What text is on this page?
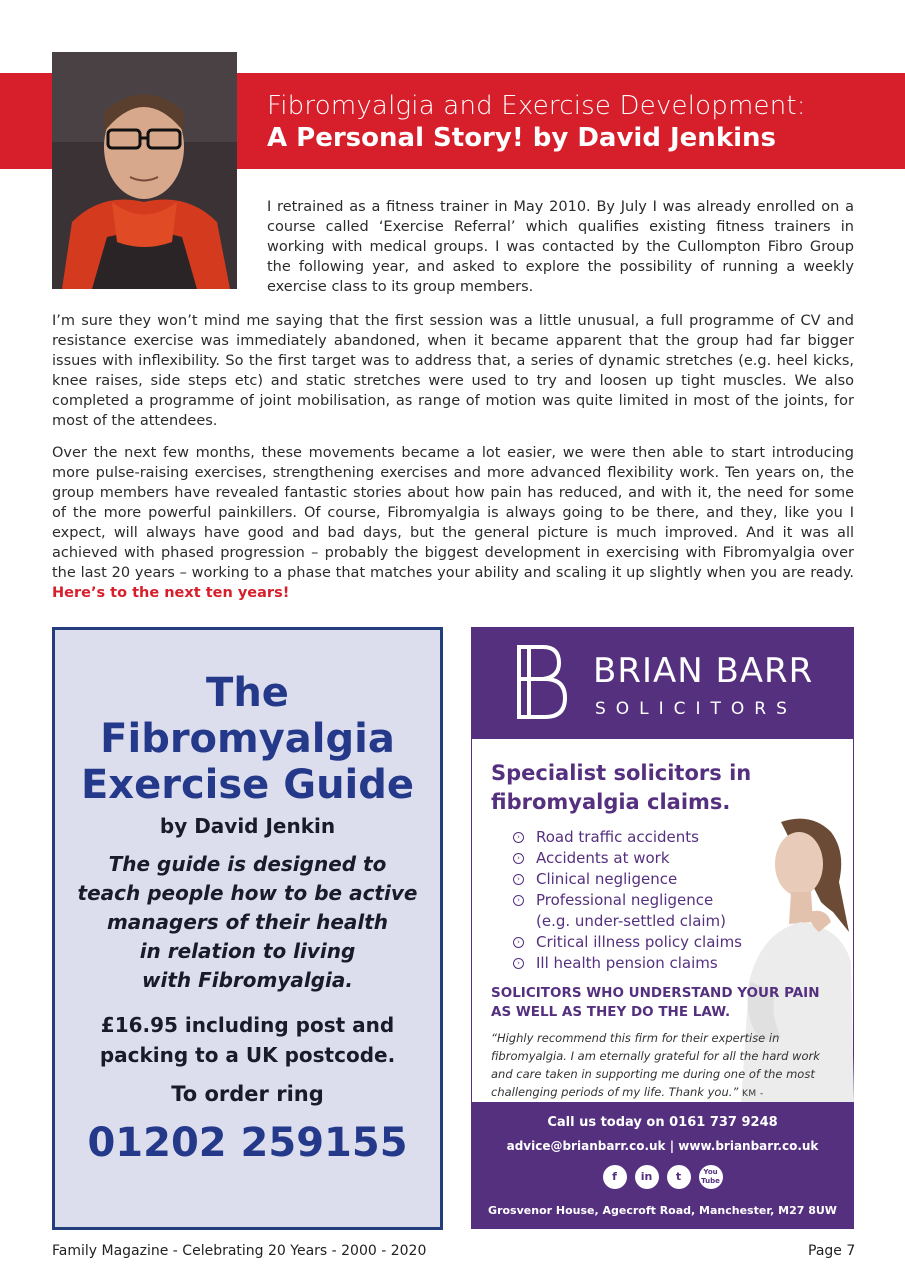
Fibromyalgia and Exercise Development:
A Personal Story! by David Jenkins
I retrained as a fitness trainer in May 2010. By July I was already enrolled on a course called ‘Exercise Referral’ which qualifies existing fitness trainers in working with medical groups. I was contacted by the Cullompton Fibro Group the following year, and asked to explore the possibility of running a weekly exercise class to its group members.
I’m sure they won’t mind me saying that the first session was a little unusual, a full programme of CV and resistance exercise was immediately abandoned, when it became apparent that the group had far bigger issues with inflexibility. So the first target was to address that, a series of dynamic stretches (e.g. heel kicks, knee raises, side steps etc) and static stretches were used to try and loosen up tight muscles. We also completed a programme of joint mobilisation, as range of motion was quite limited in most of the joints, for most of the attendees.
Over the next few months, these movements became a lot easier, we were then able to start introducing more pulse-raising exercises, strengthening exercises and more advanced flexibility work. Ten years on, the group members have revealed fantastic stories about how pain has reduced, and with it, the need for some of the more powerful painkillers. Of course, Fibromyalgia is always going to be there, and they, like you I expect, will always have good and bad days, but the general picture is much improved. And it was all achieved with phased progression – probably the biggest development in exercising with Fibromyalgia over the last 20 years – working to a phase that matches your ability and scaling it up slightly when you are ready. Here’s to the next ten years!
The
Fibromyalgia
Exercise Guide
by David Jenkin
The guide is designed to
teach people how to be active
managers of their health
in relation to living
with Fibromyalgia.
£16.95 including post and
packing to a UK postcode.
To order ring
01202 259155
BRIAN BARR
SOLICITORS
Specialist solicitors in
fibromyalgia claims.
› Road traffic accidents
› Accidents at work
› Clinical negligence
› Professional negligence
(e.g. under-settled claim)
› Critical illness policy claims
› Ill health pension claims
SOLICITORS WHO UNDERSTAND YOUR PAIN
AS WELL AS THEY DO THE LAW.
“Highly recommend this firm for their expertise in fibromyalgia. I am eternally grateful for all the hard work and care taken in supporting me during one of the most challenging periods of my life. Thank you.” KM -
Call us today on 0161 737 9248
advice@brianbarr.co.uk | www.brianbarr.co.uk
f	in	t	You Tube
Grosvenor House, Agecroft Road, Manchester, M27 8UW
Family Magazine - Celebrating 20 Years - 2000 - 2020	Page 7
